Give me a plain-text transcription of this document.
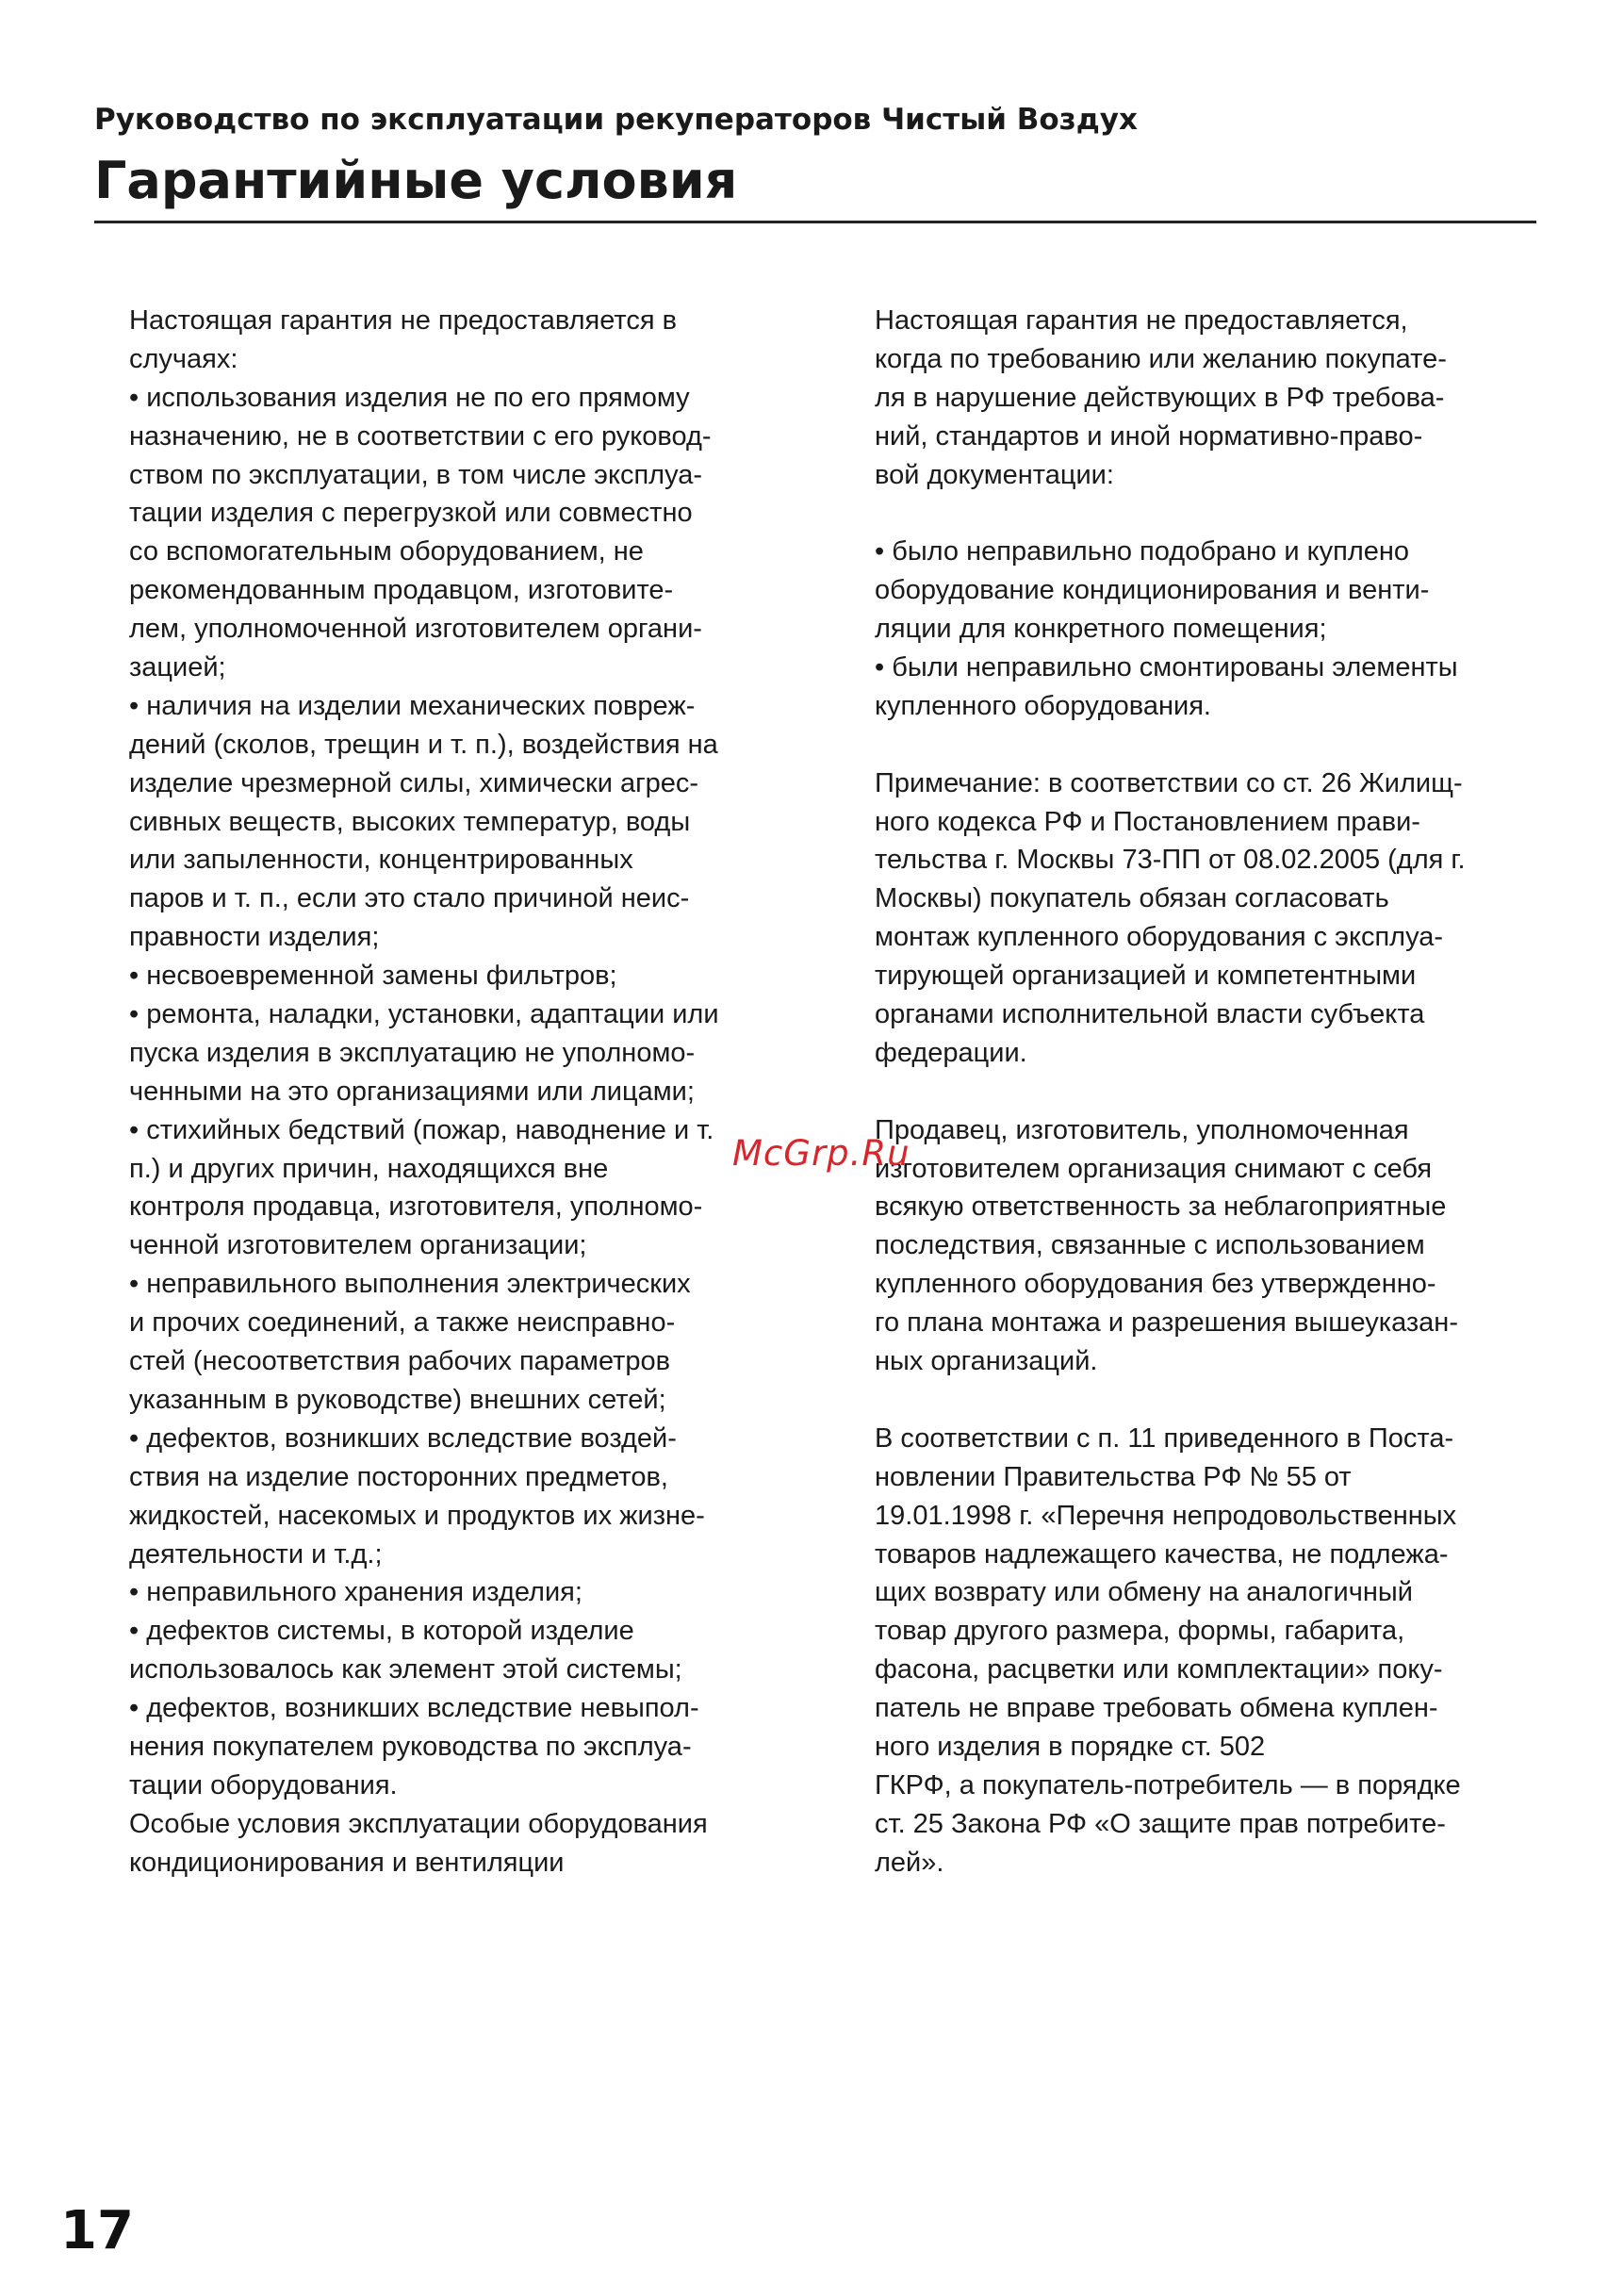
Руководство по эксплуатации рекуператоров Чистый Воздух
Гарантийные условия
Настоящая гарантия не предоставляется в
случаях:
• использования изделия не по его прямому
назначению, не в соответствии с его руковод-
ством по эксплуатации, в том числе эксплуа-
тации изделия с перегрузкой или совместно
со вспомогательным оборудованием, не
рекомендованным продавцом, изготовите-
лем, уполномоченной изготовителем органи-
зацией;
• наличия на изделии механических повреж-
дений (сколов, трещин и т. п.), воздействия на
изделие чрезмерной силы, химически агрес-
сивных веществ, высоких температур, воды
или запыленности, концентрированных
паров и т. п., если это стало причиной неис-
правности изделия;
• несвоевременной замены фильтров;
• ремонта, наладки, установки, адаптации или
пуска изделия в эксплуатацию не уполномо-
ченными на это организациями или лицами;
• стихийных бедствий (пожар, наводнение и т.
п.) и других причин, находящихся вне
контроля продавца, изготовителя, уполномо-
ченной изготовителем организации;
• неправильного выполнения электрических
и прочих соединений, а также неисправно-
стей (несоответствия рабочих параметров
указанным в руководстве) внешних сетей;
• дефектов, возникших вследствие воздей-
ствия на изделие посторонних предметов,
жидкостей, насекомых и продуктов их жизне-
деятельности и т.д.;
• неправильного хранения изделия;
• дефектов системы, в которой изделие
использовалось как элемент этой системы;
• дефектов, возникших вследствие невыпол-
нения покупателем руководства по эксплуа-
тации оборудования.
Особые условия эксплуатации оборудования
кондиционирования и вентиляции
Настоящая гарантия не предоставляется,
когда по требованию или желанию покупате-
ля в нарушение действующих в РФ требова-
ний, стандартов и иной нормативно-право-
вой документации:
• было неправильно подобрано и куплено
оборудование кондиционирования и венти-
ляции для конкретного помещения;
• были неправильно смонтированы элементы
купленного оборудования.
Примечание: в соответствии со ст. 26 Жилищ-
ного кодекса РФ и Постановлением прави-
тельства г. Москвы 73-ПП от 08.02.2005 (для г.
Москвы) покупатель обязан согласовать
монтаж купленного оборудования с эксплуа-
тирующей организацией и компетентными
органами исполнительной власти субъекта
федерации.
Продавец, изготовитель, уполномоченная
изготовителем организация снимают с себя
всякую ответственность за неблагоприятные
последствия, связанные с использованием
купленного оборудования без утвержденно-
го плана монтажа и разрешения вышеуказан-
ных организаций.
В соответствии с п. 11 приведенного в Поста-
новлении Правительства РФ № 55 от
19.01.1998 г. «Перечня непродовольственных
товаров надлежащего качества, не подлежа-
щих возврату или обмену на аналогичный
товар другого размера, формы, габарита,
фасона, расцветки или комплектации» поку-
патель не вправе требовать обмена куплен-
ного изделия в порядке ст. 502
ГКРФ, а покупатель-потребитель — в порядке
ст. 25 Закона РФ «О защите прав потребите-
лей».
McGrp.Ru
17
